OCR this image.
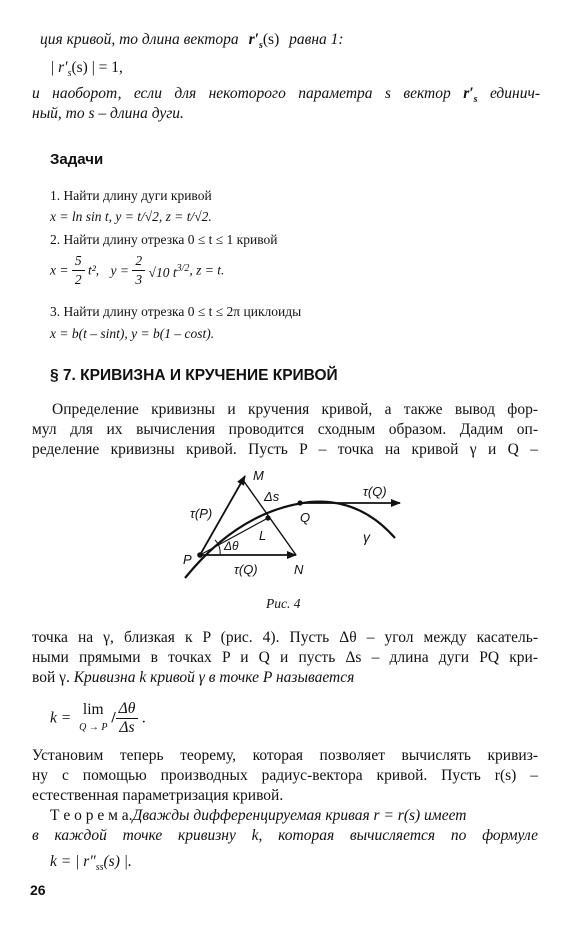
ция кривой, то длина вектора $r'_s(s)$ равна 1:
| $r'_s(s)$ | = 1,
и наоборот, если для некоторого параметра s вектор $r'_s$ единич-
ный, то s – длина дуги.
Задачи
1. Найти длину дуги кривой
x = ln sin t, y = t/√2, z = t/√2.
2. Найти длину отрезка 0 ≤ t ≤ 1 кривой
$x = \frac{5}{2} t^2$, $y = \frac{2}{3} √10$ $t^{3/2}$, z = t.
3. Найти длину отрезка 0 ≤ t ≤ 2π циклоиды
x = b(t – sint), y = b(1 – cost).
§ 7. КРИВИЗНА И КРУЧЕНИЕ КРИВОЙ
Определение кривизны и кручения кривой, а также вывод фор-
мул для их вычисления проводится сходным образом. Дадим оп-
ределение кривизны кривой. Пусть P – точка на кривой γ и Q –
M
Δs	τ(Q)
τ(P)	Q
L	γ
Δθ
P
τ(Q)	N
Рис. 4
точка на γ, близкая к P (рис. 4). Пусть Δθ – угол между касатель-
ными прямыми в точках P и Q и пусть Δs – длина дуги PQ кри-
вой γ. Кривизна k кривой γ в точке P называется
k =
lim
Q → P
/ $\frac{\Delta\theta}{\Delta s}$ .
Установим теперь теорему, которая позволяет вычислять кривиз-
ну с помощью производных радиус-вектора кривой. Пусть r(s) –
естественная параметризация кривой.
Т е о р е м а.Дважды дифференцируемая кривая r = r(s) имеет
в каждой точке кривизну k, которая вычисляется по формуле
k = | $r''_{ss}(s)$ |.
26
